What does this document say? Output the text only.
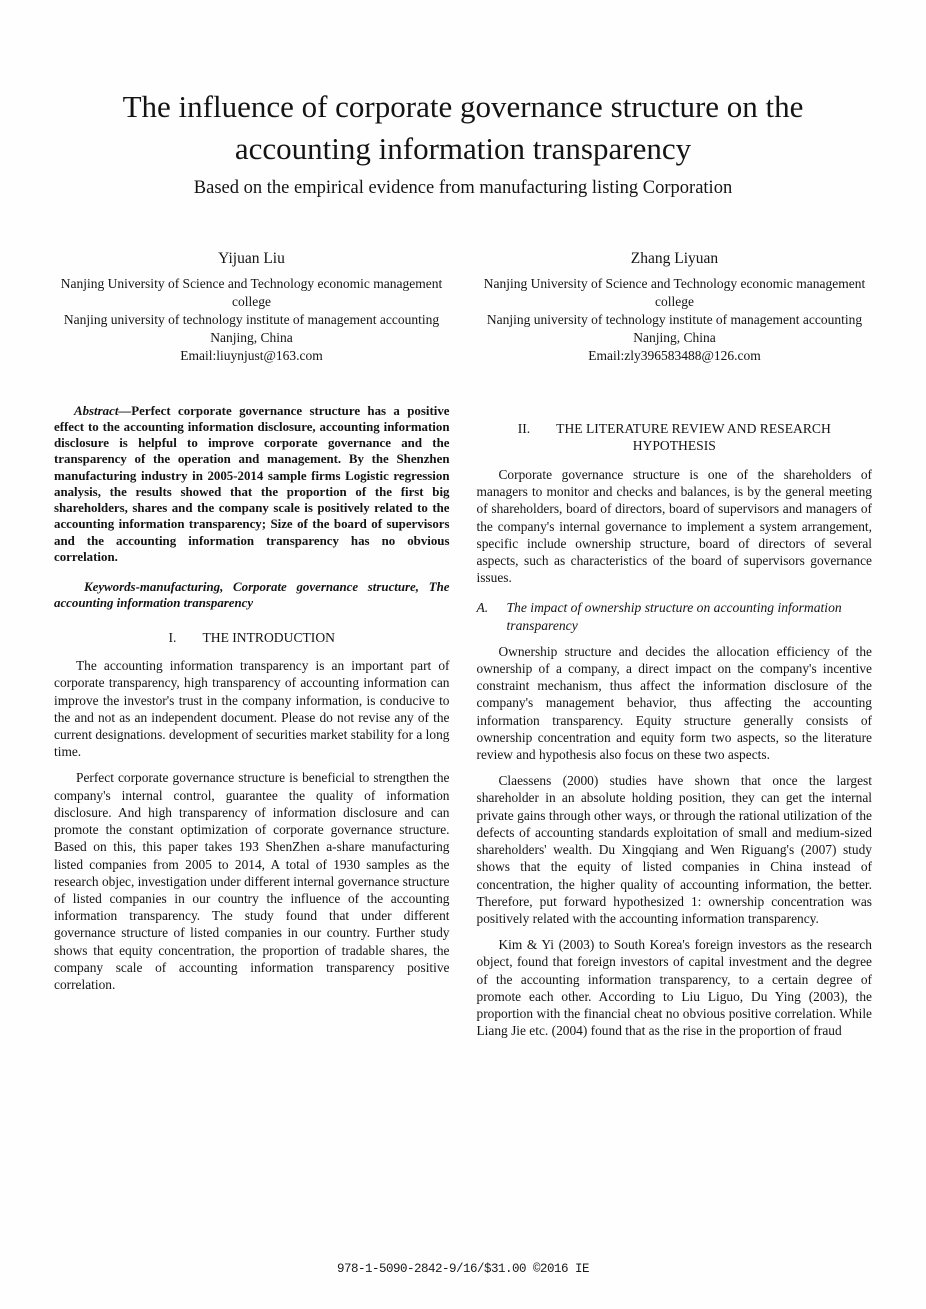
The influence of corporate governance structure on the accounting information transparency
Based on the empirical evidence from manufacturing listing Corporation
Yijuan Liu
Nanjing University of Science and Technology economic management college
Nanjing university of technology institute of management accounting
Nanjing, China
Email:liuynjust@163.com
Zhang Liyuan
Nanjing University of Science and Technology economic management college
Nanjing university of technology institute of management accounting
Nanjing, China
Email:zly396583488@126.com

Abstract—Perfect corporate governance structure has a positive effect to the accounting information disclosure, accounting information disclosure is helpful to improve corporate governance and the transparency of the operation and management. By the Shenzhen manufacturing industry in 2005-2014 sample firms Logistic regression analysis, the results showed that the proportion of the first big shareholders, shares and the company scale is positively related to the accounting information transparency; Size of the board of supervisors and the accounting information transparency has no obvious correlation.

Keywords-manufacturing, Corporate governance structure, The accounting information transparency

I. THE INTRODUCTION

The accounting information transparency is an important part of corporate transparency, high transparency of accounting information can improve the investor's trust in the company information, is conducive to the and not as an independent document. Please do not revise any of the current designations. development of securities market stability for a long time.

Perfect corporate governance structure is beneficial to strengthen the company's internal control, guarantee the quality of information disclosure. And high transparency of information disclosure and can promote the constant optimization of corporate governance structure. Based on this, this paper takes 193 ShenZhen a-share manufacturing listed companies from 2005 to 2014, A total of 1930 samples as the research objec, investigation under different internal governance structure of listed companies in our country the influence of the accounting information transparency. The study found that under different governance structure of listed companies in our country. Further study shows that equity concentration, the proportion of tradable shares, the company scale of accounting information transparency positive correlation.

II. THE LITERATURE REVIEW AND RESEARCH HYPOTHESIS

Corporate governance structure is one of the shareholders of managers to monitor and checks and balances, is by the general meeting of shareholders, board of directors, board of supervisors and managers of the company's internal governance to implement a system arrangement, specific include ownership structure, board of directors of several aspects, such as characteristics of the board of supervisors governance issues.

A.	The impact of ownership structure on accounting information transparency

Ownership structure and decides the allocation efficiency of the ownership of a company, a direct impact on the company's incentive constraint mechanism, thus affect the information disclosure of the company's management behavior, thus affecting the accounting information transparency. Equity structure generally consists of ownership concentration and equity form two aspects, so the literature review and hypothesis also focus on these two aspects.

Claessens (2000) studies have shown that once the largest shareholder in an absolute holding position, they can get the internal private gains through other ways, or through the rational utilization of the defects of accounting standards exploitation of small and medium-sized shareholders' wealth. Du Xingqiang and Wen Riguang's (2007) study shows that the equity of listed companies in China instead of concentration, the higher quality of accounting information, the better. Therefore, put forward hypothesized 1: ownership concentration was positively related with the accounting information transparency.

Kim & Yi (2003) to South Korea's foreign investors as the research object, found that foreign investors of capital investment and the degree of the accounting information transparency, to a certain degree of promote each other. According to Liu Liguo, Du Ying (2003), the proportion with the financial cheat no obvious positive correlation. While Liang Jie etc. (2004) found that as the rise in the proportion of fraud

978-1-5090-2842-9/16/$31.00 ©2016 IE
